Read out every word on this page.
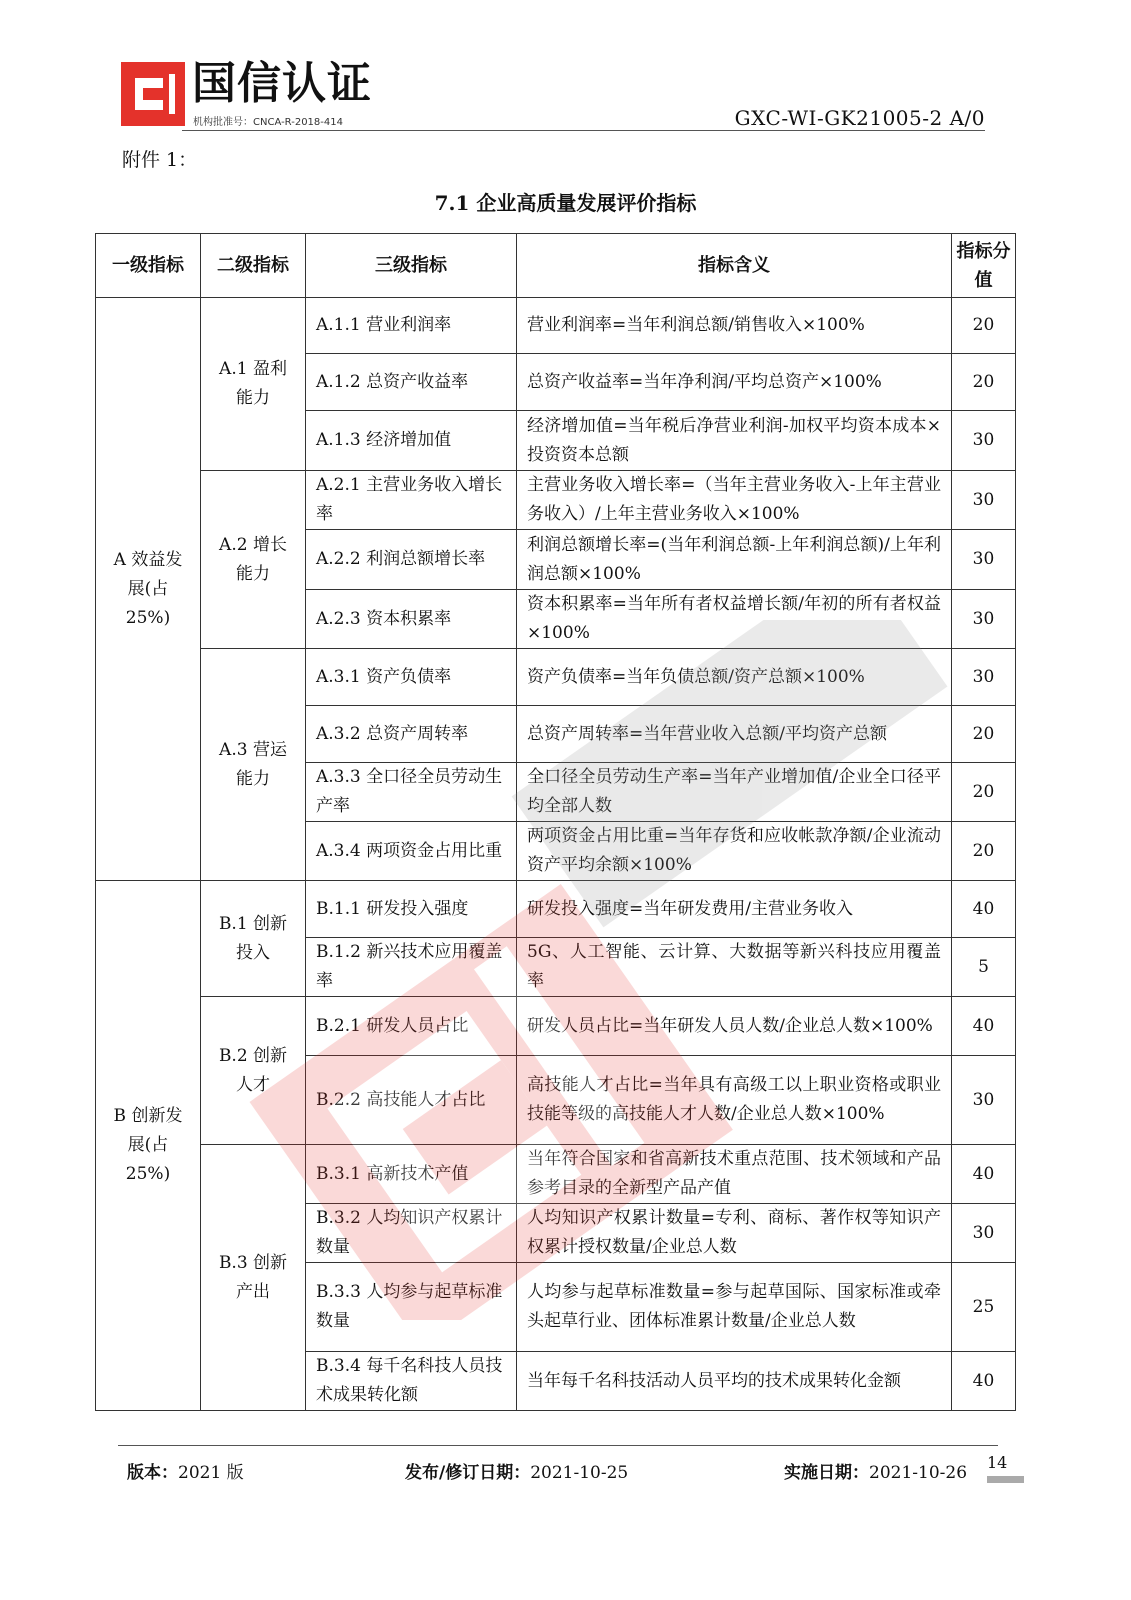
国信认证
机构批准号：CNCA-R-2018-414	GXC-WI-GK21005-2 A/0
附件 1：
7.1 企业高质量发展评价指标
一级指标	二级指标	三级指标	指标含义	指标分值
A 效益发展(占 25%)	A.1 盈利能力	A.1.1 营业利润率	营业利润率=当年利润总额/销售收入×100%	20
		A.1.2 总资产收益率	总资产收益率=当年净利润/平均总资产×100%	20
		A.1.3 经济增加值	经济增加值=当年税后净营业利润-加权平均资本成本×投资资本总额	30
	A.2 增长能力	A.2.1 主营业务收入增长率	主营业务收入增长率=（当年主营业务收入-上年主营业务收入）/上年主营业务收入×100%	30
		A.2.2 利润总额增长率	利润总额增长率=(当年利润总额-上年利润总额)/上年利润总额×100%	30
		A.2.3 资本积累率	资本积累率=当年所有者权益增长额/年初的所有者权益×100%	30
	A.3 营运能力	A.3.1 资产负债率	资产负债率=当年负债总额/资产总额×100%	30
		A.3.2 总资产周转率	总资产周转率=当年营业收入总额/平均资产总额	20
		A.3.3 全口径全员劳动生产率	全口径全员劳动生产率=当年产业增加值/企业全口径平均全部人数	20
		A.3.4 两项资金占用比重	两项资金占用比重=当年存货和应收帐款净额/企业流动资产平均余额×100%	20
B 创新发展(占 25%)	B.1 创新投入	B.1.1 研发投入强度	研发投入强度=当年研发费用/主营业务收入	40
		B.1.2 新兴技术应用覆盖率	5G、人工智能、云计算、大数据等新兴科技应用覆盖率	5
	B.2 创新人才	B.2.1 研发人员占比	研发人员占比=当年研发人员人数/企业总人数×100%	40
		B.2.2 高技能人才占比	高技能人才占比=当年具有高级工以上职业资格或职业技能等级的高技能人才人数/企业总人数×100%	30
	B.3 创新产出	B.3.1 高新技术产值	当年符合国家和省高新技术重点范围、技术领域和产品参考目录的全新型产品产值	40
		B.3.2 人均知识产权累计数量	人均知识产权累计数量=专利、商标、著作权等知识产权累计授权数量/企业总人数	30
		B.3.3 人均参与起草标准数量	人均参与起草标准数量=参与起草国际、国家标准或牵头起草行业、团体标准累计数量/企业总人数	25
		B.3.4 每千名科技人员技术成果转化额	当年每千名科技活动人员平均的技术成果转化金额	40
版本：2021 版	发布/修订日期：2021-10-25	实施日期：2021-10-26
14
